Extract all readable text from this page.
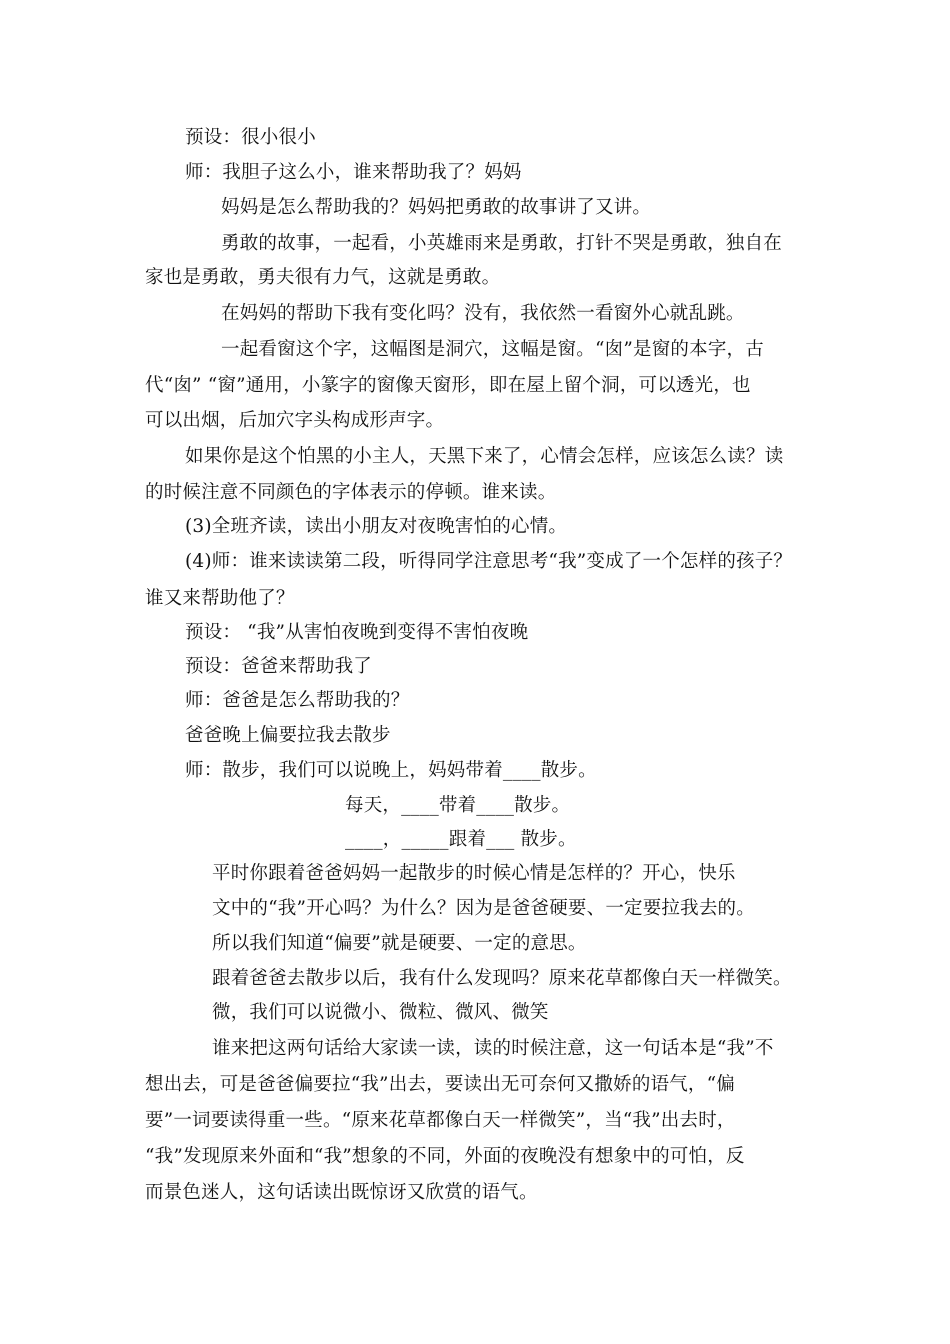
预设：很小很小
师：我胆子这么小，谁来帮助我了？妈妈
妈妈是怎么帮助我的？妈妈把勇敢的故事讲了又讲。
勇敢的故事，一起看，小英雄雨来是勇敢，打针不哭是勇敢，独自在
家也是勇敢，勇夫很有力气，这就是勇敢。
在妈妈的帮助下我有变化吗？没有，我依然一看窗外心就乱跳。
一起看窗这个字，这幅图是洞穴，这幅是窗。“囱”是窗的本字，古
代“囱” “窗”通用，小篆字的窗像天窗形，即在屋上留个洞，可以透光，也
可以出烟，后加穴字头构成形声字。
如果你是这个怕黑的小主人，天黑下来了，心情会怎样，应该怎么读？读
的时候注意不同颜色的字体表示的停顿。谁来读。
(3)全班齐读，读出小朋友对夜晚害怕的心情。
(4)师：谁来读读第二段，听得同学注意思考“我”变成了一个怎样的孩子？
谁又来帮助他了？
预设： “我”从害怕夜晚到变得不害怕夜晚
预设：爸爸来帮助我了
师：爸爸是怎么帮助我的？
爸爸晚上偏要拉我去散步
师：散步，我们可以说晚上，妈妈带着____散步。
每天，____带着____散步。
____，_____跟着___ 散步。
平时你跟着爸爸妈妈一起散步的时候心情是怎样的？开心，快乐
文中的“我”开心吗？为什么？因为是爸爸硬要、一定要拉我去的。
所以我们知道“偏要”就是硬要、一定的意思。
跟着爸爸去散步以后，我有什么发现吗？原来花草都像白天一样微笑。
微，我们可以说微小、微粒、微风、微笑
谁来把这两句话给大家读一读，读的时候注意，这一句话本是“我”不
想出去，可是爸爸偏要拉“我”出去，要读出无可奈何又撒娇的语气，“偏
要”一词要读得重一些。“原来花草都像白天一样微笑”，当“我”出去时，
“我”发现原来外面和“我”想象的不同，外面的夜晚没有想象中的可怕，反
而景色迷人，这句话读出既惊讶又欣赏的语气。
